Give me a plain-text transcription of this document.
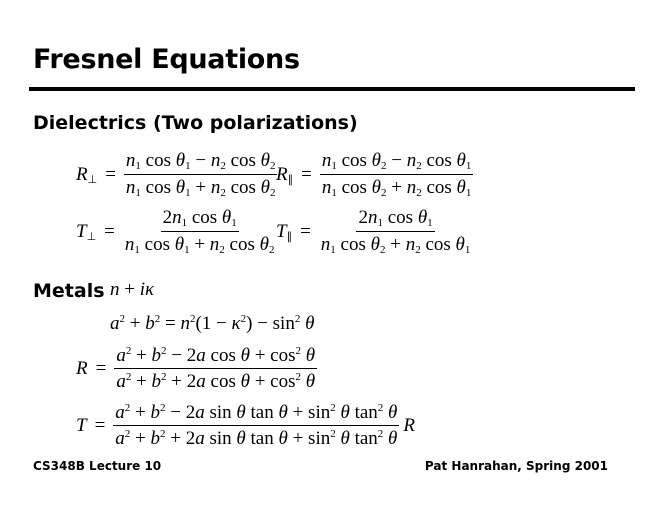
Fresnel Equations
Dielectrics (Two polarizations)
$R_\perp = \frac{n_1 \cos \theta_1 - n_2 \cos \theta_2}{n_1 \cos \theta_1 + n_2 \cos \theta_2}$
$R_\parallel = \frac{n_1 \cos \theta_2 - n_2 \cos \theta_1}{n_1 \cos \theta_2 + n_2 \cos \theta_1}$
$T_\perp = \frac{2n_1 \cos \theta_1}{n_1 \cos \theta_1 + n_2 \cos \theta_2} T_\parallel = \frac{2n_1 \cos \theta_1}{n_1 \cos \theta_2 + n_2 \cos \theta_1}$
Metals n + iκ
$a^2 + b^2 = n^2(1 - \kappa^2) - \sin^2 \theta$
$R = \frac{a^2 + b^2 - 2a \cos \theta + \cos^2 \theta}{a^2 + b^2 + 2a \cos \theta + \cos^2 \theta}$
$T = \frac{a^2 + b^2 - 2a \sin \theta \tan \theta + \sin^2 \theta \tan^2 \theta}{a^2 + b^2 + 2a \sin \theta \tan \theta + \sin^2 \theta \tan^2 \theta}$ R
CS348B Lecture 10	Pat Hanrahan, Spring 2001
